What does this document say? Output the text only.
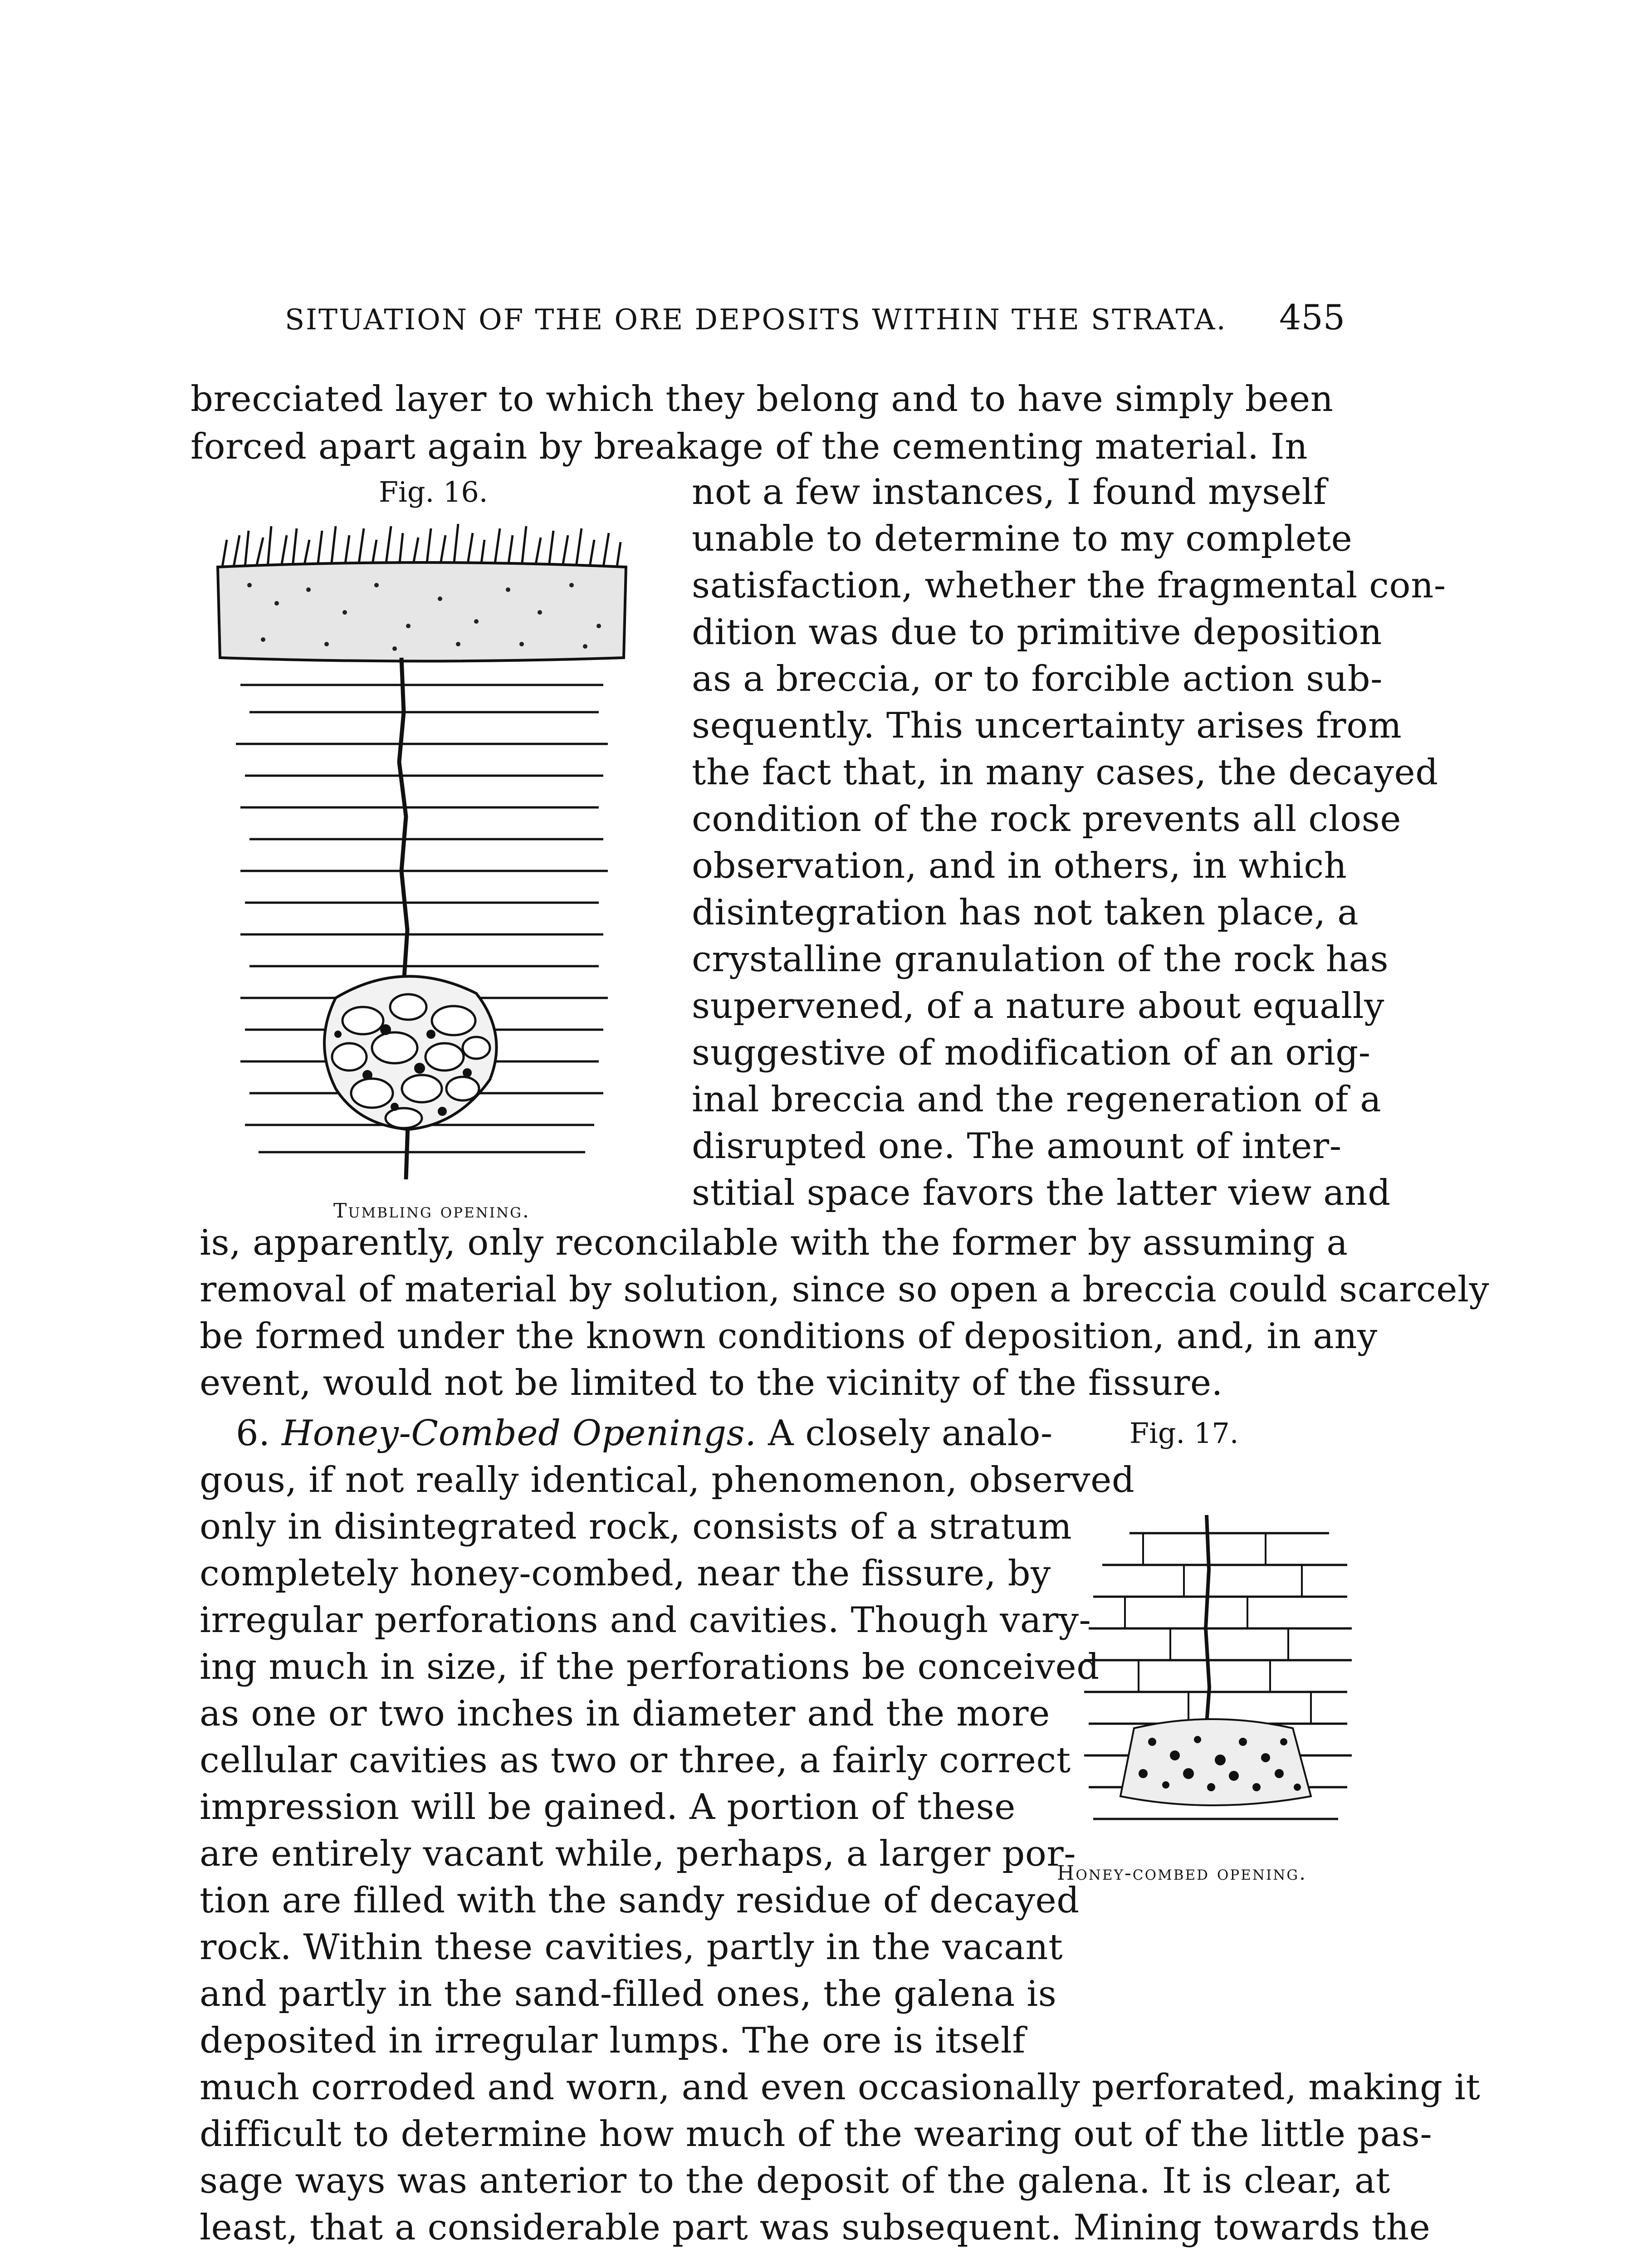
SITUATION OF THE ORE DEPOSITS WITHIN THE STRATA.	455
Fig. 16.
Tumbling opening.
brecciated layer to which they belong and to have simply been
forced apart again by breakage of the cementing material. In
not a few instances, I found myself
unable to determine to my complete
satisfaction, whether the fragmental con-
dition was due to primitive deposition
as a breccia, or to forcible action sub-
sequently. This uncertainty arises from
the fact that, in many cases, the decayed
condition of the rock prevents all close
observation, and in others, in which
disintegration has not taken place, a
crystalline granulation of the rock has
supervened, of a nature about equally
suggestive of modification of an orig-
inal breccia and the regeneration of a
disrupted one. The amount of inter-
stitial space favors the latter view and
is, apparently, only reconcilable with the former by assuming a
removal of material by solution, since so open a breccia could scarcely
be formed under the known conditions of deposition, and, in any
event, would not be limited to the vicinity of the fissure.
6. Honey-Combed Openings. A closely analo-	Fig. 17.
Honey-combed opening.
gous, if not really identical, phenomenon, observed
only in disintegrated rock, consists of a stratum
completely honey-combed, near the fissure, by
irregular perforations and cavities. Though vary-
ing much in size, if the perforations be conceived
as one or two inches in diameter and the more
cellular cavities as two or three, a fairly correct
impression will be gained. A portion of these
are entirely vacant while, perhaps, a larger por-
tion are filled with the sandy residue of decayed
rock. Within these cavities, partly in the vacant
and partly in the sand-filled ones, the galena is
deposited in irregular lumps. The ore is itself
much corroded and worn, and even occasionally perforated, making it
difficult to determine how much of the wearing out of the little pas-
sage ways was anterior to the deposit of the galena. It is clear, at
least, that a considerable part was subsequent. Mining towards the
